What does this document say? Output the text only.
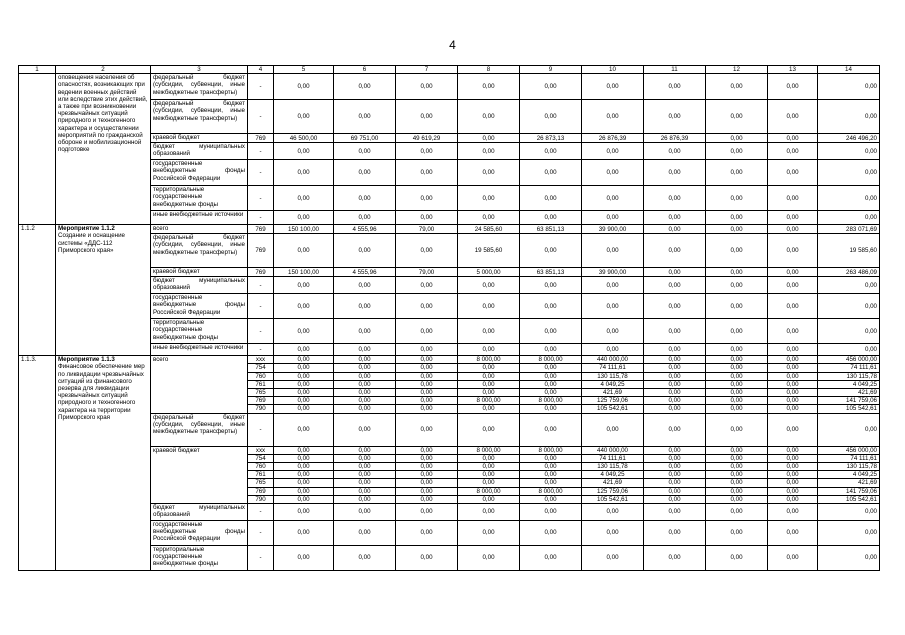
4
1	2	3	4	5	6	7	8	9	10	11	12	13	14
	оповещения населения об опасностях, возникающих при ведении военных действий или вследствие этих действий, а также при возникновении чрезвычайных ситуаций природного и техногенного характера и осуществлении мероприятий по гражданской обороне и мобилизационной подготовке	федеральный бюджет (субсидии, субвенции, иные межбюджетные трансферты)	-	0,00	0,00	0,00	0,00	0,00	0,00	0,00	0,00	0,00	0,00
		федеральный бюджет (субсидии, субвенции, иные межбюджетные трансферты)	-	0,00	0,00	0,00	0,00	0,00	0,00	0,00	0,00	0,00	0,00
		краевой бюджет	769	46 500,00	69 751,00	49 619,29	0,00	26 873,13	26 876,39	26 876,39	0,00	0,00	246 496,20
		бюджет муниципальных образований	-	0,00	0,00	0,00	0,00	0,00	0,00	0,00	0,00	0,00	0,00
		государственные внебюджетные фонды Российской Федерации	-	0,00	0,00	0,00	0,00	0,00	0,00	0,00	0,00	0,00	0,00
		территориальные государственные внебюджетные фонды	-	0,00	0,00	0,00	0,00	0,00	0,00	0,00	0,00	0,00	0,00
		иные внебюджетные источники	-	0,00	0,00	0,00	0,00	0,00	0,00	0,00	0,00	0,00	0,00
1.1.2	Мероприятие 1.1.2
Создание и оснащение системы «ДДС-112 Приморского края»	всего	769	150 100,00	4 555,96	79,00	24 585,60	63 851,13	39 900,00	0,00	0,00	0,00	283 071,69
		федеральный бюджет (субсидии, субвенции, иные межбюджетные трансферты)	769	0,00	0,00	0,00	19 585,60	0,00	0,00	0,00	0,00	0,00	19 585,60
		краевой бюджет	769	150 100,00	4 555,96	79,00	5 000,00	63 851,13	39 900,00	0,00	0,00	0,00	263 486,09
		бюджет муниципальных образований	-	0,00	0,00	0,00	0,00	0,00	0,00	0,00	0,00	0,00	0,00
		государственные внебюджетные фонды Российской Федерации	-	0,00	0,00	0,00	0,00	0,00	0,00	0,00	0,00	0,00	0,00
		территориальные государственные внебюджетные фонды	-	0,00	0,00	0,00	0,00	0,00	0,00	0,00	0,00	0,00	0,00
		иные внебюджетные источники	-	0,00	0,00	0,00	0,00	0,00	0,00	0,00	0,00	0,00	0,00
1.1.3.	Мероприятие 1.1.3
Финансовое обеспечение мер по ликвидации чрезвычайных ситуаций из финансового резерва для ликвидации чрезвычайных ситуаций природного и техногенного характера на территории Приморского края	всего	xxx	0,00	0,00	0,00	8 000,00	8 000,00	440 000,00	0,00	0,00	0,00	456 000,00
			754	0,00	0,00	0,00	0,00	0,00	74 111,61	0,00	0,00	0,00	74 111,61
			760	0,00	0,00	0,00	0,00	0,00	130 115,78	0,00	0,00	0,00	130 115,78
			761	0,00	0,00	0,00	0,00	0,00	4 049,25	0,00	0,00	0,00	4 049,25
			765	0,00	0,00	0,00	0,00	0,00	421,69	0,00	0,00	0,00	421,69
			769	0,00	0,00	0,00	8 000,00	8 000,00	125 759,06	0,00	0,00	0,00	141 759,06
			790	0,00	0,00	0,00	0,00	0,00	105 542,61	0,00	0,00	0,00	105 542,61
		федеральный бюджет (субсидии, субвенции, иные межбюджетные трансферты)	-	0,00	0,00	0,00	0,00	0,00	0,00	0,00	0,00	0,00	0,00
		краевой бюджет	xxx	0,00	0,00	0,00	8 000,00	8 000,00	440 000,00	0,00	0,00	0,00	456 000,00
			754	0,00	0,00	0,00	0,00	0,00	74 111,61	0,00	0,00	0,00	74 111,61
			760	0,00	0,00	0,00	0,00	0,00	130 115,78	0,00	0,00	0,00	130 115,78
			761	0,00	0,00	0,00	0,00	0,00	4 049,25	0,00	0,00	0,00	4 049,25
			765	0,00	0,00	0,00	0,00	0,00	421,69	0,00	0,00	0,00	421,69
			769	0,00	0,00	0,00	8 000,00	8 000,00	125 759,06	0,00	0,00	0,00	141 759,06
			790	0,00	0,00	0,00	0,00	0,00	105 542,61	0,00	0,00	0,00	105 542,61
		бюджет муниципальных образований	-	0,00	0,00	0,00	0,00	0,00	0,00	0,00	0,00	0,00	0,00
		государственные внебюджетные фонды Российской Федерации	-	0,00	0,00	0,00	0,00	0,00	0,00	0,00	0,00	0,00	0,00
		территориальные государственные внебюджетные фонды	-	0,00	0,00	0,00	0,00	0,00	0,00	0,00	0,00	0,00	0,00
